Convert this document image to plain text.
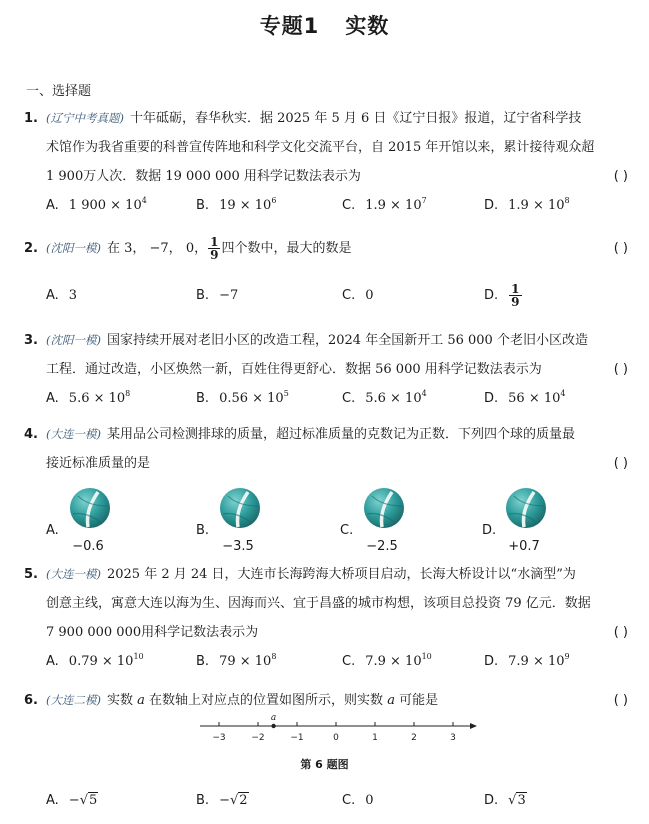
专题1 实数
一、选择题
1. (辽宁中考真题) 十年砥砺，春华秋实．据 2025 年 5 月 6 日《辽宁日报》报道，辽宁省科学技
术馆作为我省重要的科普宣传阵地和科学文化交流平台，自 2015 年开馆以来，累计接待观众超
1 900万人次．数据 19 000 000 用科学记数法表示为	( )
A. 1 $900 \times 10^4$	B. $19 \times 10^6$	C. $1.9 \times 10^7$	D. $1.9 \times 10^8$
2. (沈阳一模) 在 3， −7， 0， $\frac{1}{9}$ 四个数中，最大的数是	( )
A. 3	B. −7	C. 0	D. $\frac{1}{9}$
3. (沈阳一模) 国家持续开展对老旧小区的改造工程，2024 年全国新开工 56 000 个老旧小区改造
工程．通过改造，小区焕然一新，百姓住得更舒心．数据 56 000 用科学记数法表示为	( )
A. $5.6 \times 10^8$	B. $0.56 \times 10^5$	C. $5.6 \times 10^4$	D. $56 \times 10^4$
4. (大连一模) 某用品公司检测排球的质量，超过标准质量的克数记为正数．下列四个球的质量最
接近标准质量的是	( )
A.
−0.6
B.
−3.5
C.
−2.5
D.
+0.7
5. (大连一模) 2025 年 2 月 24 日，大连市长海跨海大桥项目启动，长海大桥设计以“水滴型”为
创意主线，寓意大连以海为生、因海而兴、宜于昌盛的城市构想，该项目总投资 79 亿元．数据
7 900 000 000用科学记数法表示为	( )
A. $0.79 \times 10^{10}$	B. $79 \times 10^8$	C. $7.9 \times 10^{10}$	D. $7.9 \times 10^9$
6. (大连二模) 实数 a 在数轴上对应点的位置如图所示，则实数 a 可能是	( )
−3	−2	−1	0	1	2	3
a
第 6 题图
A. −√5	B. −√2	C. 0	D. √3
